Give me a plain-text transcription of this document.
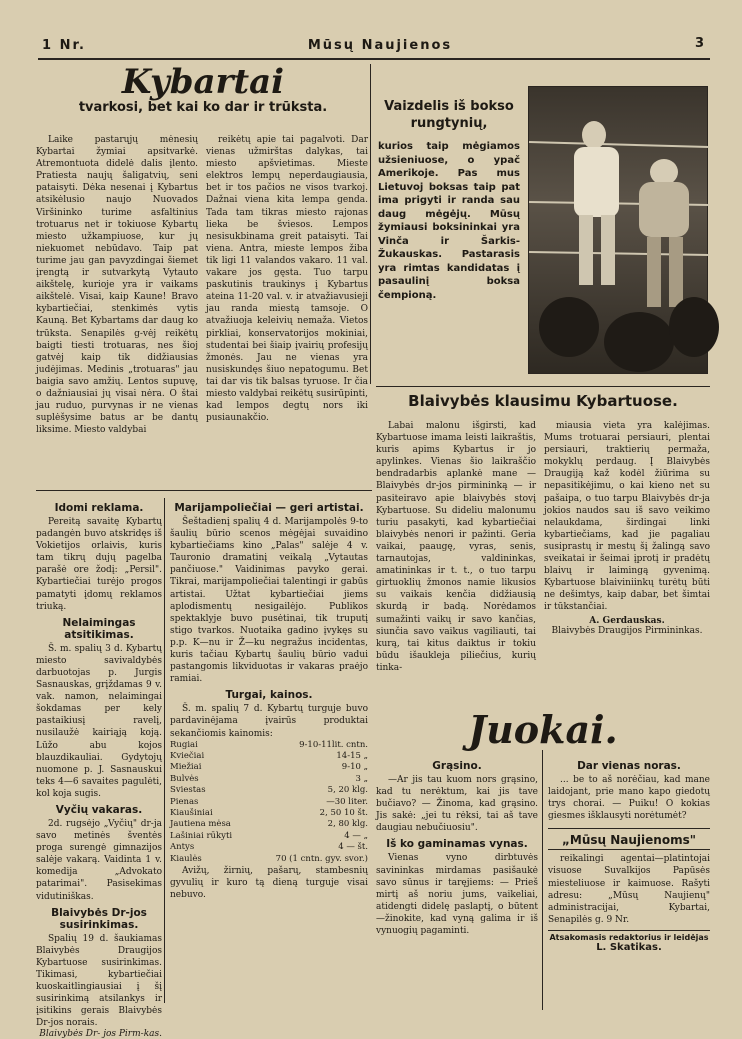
1 Nr.	Mūsų Naujienos	3
Kybartai
tvarkosi, bet kai ko dar ir trūksta.
Laike pastarųjų mėnesių Kybartai žymiai apsitvarkė. Atremontuota didelė dalis įlento. Pratiesta naujų šaligatvių, seni pataisyti. Dėka nesenai į Kybartus atsikėlusio naujo Nuovados Viršininko turime asfaltinius trotuarus net ir tokiuose Kybartų miesto užkampiuose, kur jų niekuomet nebūdavo. Taip pat turime jau gan pavyzdingai šiemet įrengtą ir sutvarkytą Vytauto aikštelę, kurioje yra ir vaikams aikštelė. Visai, kaip Kaune! Bravo kybartiečiai, stenkimės vytis Kauną. Bet Kybartams dar daug ko trūksta. Senapilės g-vėj reikėtų baigti tiesti trotuaras, nes šioj gatvėj kaip tik didžiausias judėjimas. Medinis „trotuaras" jau baigia savo amžių. Lentos supuvę, o dažniausiai jų visai nėra. O štai jau ruduo, purvynas ir ne vienas suplėšysime batus ar be dantų liksime. Miesto valdybai
reikėtų apie tai pagalvoti. Dar vienas užmirštas dalykas, tai miesto apšvietimas. Mieste elektros lempų neperdaugiausia, bet ir tos pačios ne visos tvarkoj. Dažnai viena kita lempa genda. Tada tam tikras miesto rajonas lieka be šviesos. Lempos nesisukbinama greit pataisyti. Tai viena. Antra, mieste lempos žiba tik ligi 11 valandos vakaro. 11 val. vakare jos gęsta. Tuo tarpu paskutinis traukinys į Kybartus ateina 11-20 val. v. ir atvažiavusieji jau randa miestą tamsoje. O atvažiuoja keleivių nemaža. Vietos pirkliai, konservatorijos mokiniai, studentai bei šiaip įvairių profesijų žmonės. Jau ne vienas yra nusiskundęs šiuo nepatogumu. Bet tai dar vis tik balsas tyruose. Ir čia miesto valdybai reikėtų susirūpinti, kad lempos degtų nors iki pusiaunakčio.
Idomi reklama.

Pereitą savaitę Kybartų padangėn buvo atskridęs iš Vokietijos orlaivis, kuris tam tikrų dujų pagelba parašė ore žodį: „Persil". Kybartiečiai turėjo progos pamatyti įdomų reklamos triuką.

Nelaimingas atsitikimas.

Š. m. spalių 3 d. Kybartų miesto savivaldybės darbuotojas p. Jurgis Sasnauskas, grįždamas 9 v. vak. namon, nelaimingai šokdamas per kely pastaikiusį ravelį, nusilaužė kairiąją koją. Lūžo abu kojos blauzdikauliai. Gydytojų nuomone p. J. Sasnauskui teks 4—6 savaites pagulėti, kol koja sugis.

Vyčių vakaras.

2d. rugsėjo „Vyčių" dr-ja savo metinės šventės proga surengė gimnazijos salėje vakarą. Vaidinta 1 v. komedija „Advokato patarimai". Pasisekimas vidutiniškas.

Blaivybės Dr-jos susirinkimas.

Spalių 19 d. šaukiamas Blaivybės Draugijos Kybartuose susirinkimas. Tikimasi, kybartiečiai kuoskaitlingiausiai į šį susirinkimą atsilankys ir įsitikins gerais Blaivybės Dr-jos norais.

Blaivybės Dr- jos Pirm-kas.
Marijampoliečiai — geri artistai.

Šeštadienį spalių 4 d. Marijampolės 9-to šaulių būrio scenos mėgėjai suvaidino kybartiečiams kino „Palas" salėje 4 v. Tauronio dramatinį veikalą „Vytautas pančiuose." Vaidinimas pavyko gerai. Tikrai, marijampoliečiai talentingi ir gabūs artistai. Užtat kybartiečiai jiems aplodismentų nesigailėjo. Publikos spektaklyje buvo pusėtinai, tik truputį stigo tvarkos. Nuotaika gadino įvykęs su p.p. K—nu ir Ž—ku negražus incidentas, kuris tačiau Kybartų šaulių būrio vadui pastangomis likviduotas ir vakaras praėjo ramiai.

Turgai, kainos.

Š. m. spalių 7 d. Kybartų turguje buvo pardavinėjama įvairūs produktai sekančiomis kainomis:

Rugiai	9-10-11lit. cntn.
Kviečiai	14-15 „
Miežiai	9-10 „
Bulvės	3 „
Sviestas	5, 20 klg.
Pienas	—30 liter.
Kiaušiniai	2, 50 10 št.
Jautiena mėsa	2, 80 klg.
Lašiniai rūkyti	4 — „
Antys	4 — št.
Kiaulės	70 (1 cntn. gyv. svor.)

Avižų, žirnių, pašarų, stambesnių gyvulių ir kuro tą dieną turguje visai nebuvo.

Vaizdelis iš bokso rungtynių,
kurios taip mėgiamos užsieniuose, o ypač Amerikoje. Pas mus Lietuvoj boksas taip pat ima prigyti ir randa sau daug mėgėjų. Mūsų žymiausi boksininkai yra Vinča ir Šarkis-Žukauskas. Pastarasis yra rimtas kandidatas į pasaulinį boksa čempioną.
Blaivybės klausimu Kybartuose.
Labai malonu išgirsti, kad Kybartuose imama leisti laikraštis, kuris apims Kybartus ir jo apylinkes. Vienas šio laikraščio bendradarbis aplankė mane — Blaivybės dr-jos pirmininką — ir pasiteiravo apie blaivybės stovį Kybartuose. Su dideliu malonumu turiu pasakyti, kad kybartiečiai blaivybės nenori ir pažinti. Geria vaikai, paaugę, vyras, senis, tarnautojas, valdininkas, amatininkas ir t. t., o tuo tarpu girtuoklių žmonos namie likusios su vaikais kenčia didžiausią skurdą ir badą. Norėdamos sumažinti vaikų ir savo kančias, siunčia savo vaikus vagiliauti, tai kurą, tai kitus daiktus ir tokiu būdu išaukleja piliečius, kurių tinka-

miausia vieta yra kalėjimas. Mums trotuarai persiauri, plentai persiauri, traktierių permaža, mokyklų perdaug. Į Blaivybės Draugiją kaž kodėl žiūrima su nepasitikėjimu, o kai kieno net su pašaipa, o tuo tarpu Blaivybės dr-ja jokios naudos sau iš savo veikimo nelaukdama, širdingai linki kybartiečiams, kad jie pagaliau susiprastų ir mestų šį žalingą savo sveikatai ir šeimai įprotį ir pradėtų blaivų ir laimingą gyvenimą. Kybartuose blaiviniinkų turėtų būti ne dešimtys, kaip dabar, bet šimtai ir tūkstančiai.

A. Gerdauskas.
Blaivybės Draugijos Pirmininkas.
Juokai.
Grąsino.

—Ar jis tau kuom nors grąsino, kad tu nerėktum, kai jis tave bučiavo? — Žinoma, kad grąsino. Jis sakė: „jei tu rėksi, tai aš tave daugiau nebučiuosiu".

Iš ko gaminamas vynas.

Vienas vyno dirbtuvės savininkas mirdamas pasišaukė savo sūnus ir taręjiems: — Prieš mirtį aš noriu jums, vaikeliai, atidengti didelę paslaptį, o būtent—žinokite, kad vyną galima ir iš vynuogių pagaminti.

Dar vienas noras.

... be to aš norėčiau, kad mane laidojant, prie mano kapo giedotų trys chorai. — Puiku! O kokias giesmes išklausyti norėtumėt?

„Mūsų Naujienoms"

reikalingi agentai—platintojai visuose Suvalkijos Papūsės miesteliuose ir kaimuose. Rašyti adresu: „Mūsų Naujienų" administracijai, Kybartai, Senapilės g. 9 Nr.

Atsakomasis redaktorius ir leidėjas
L. Skatikas.
